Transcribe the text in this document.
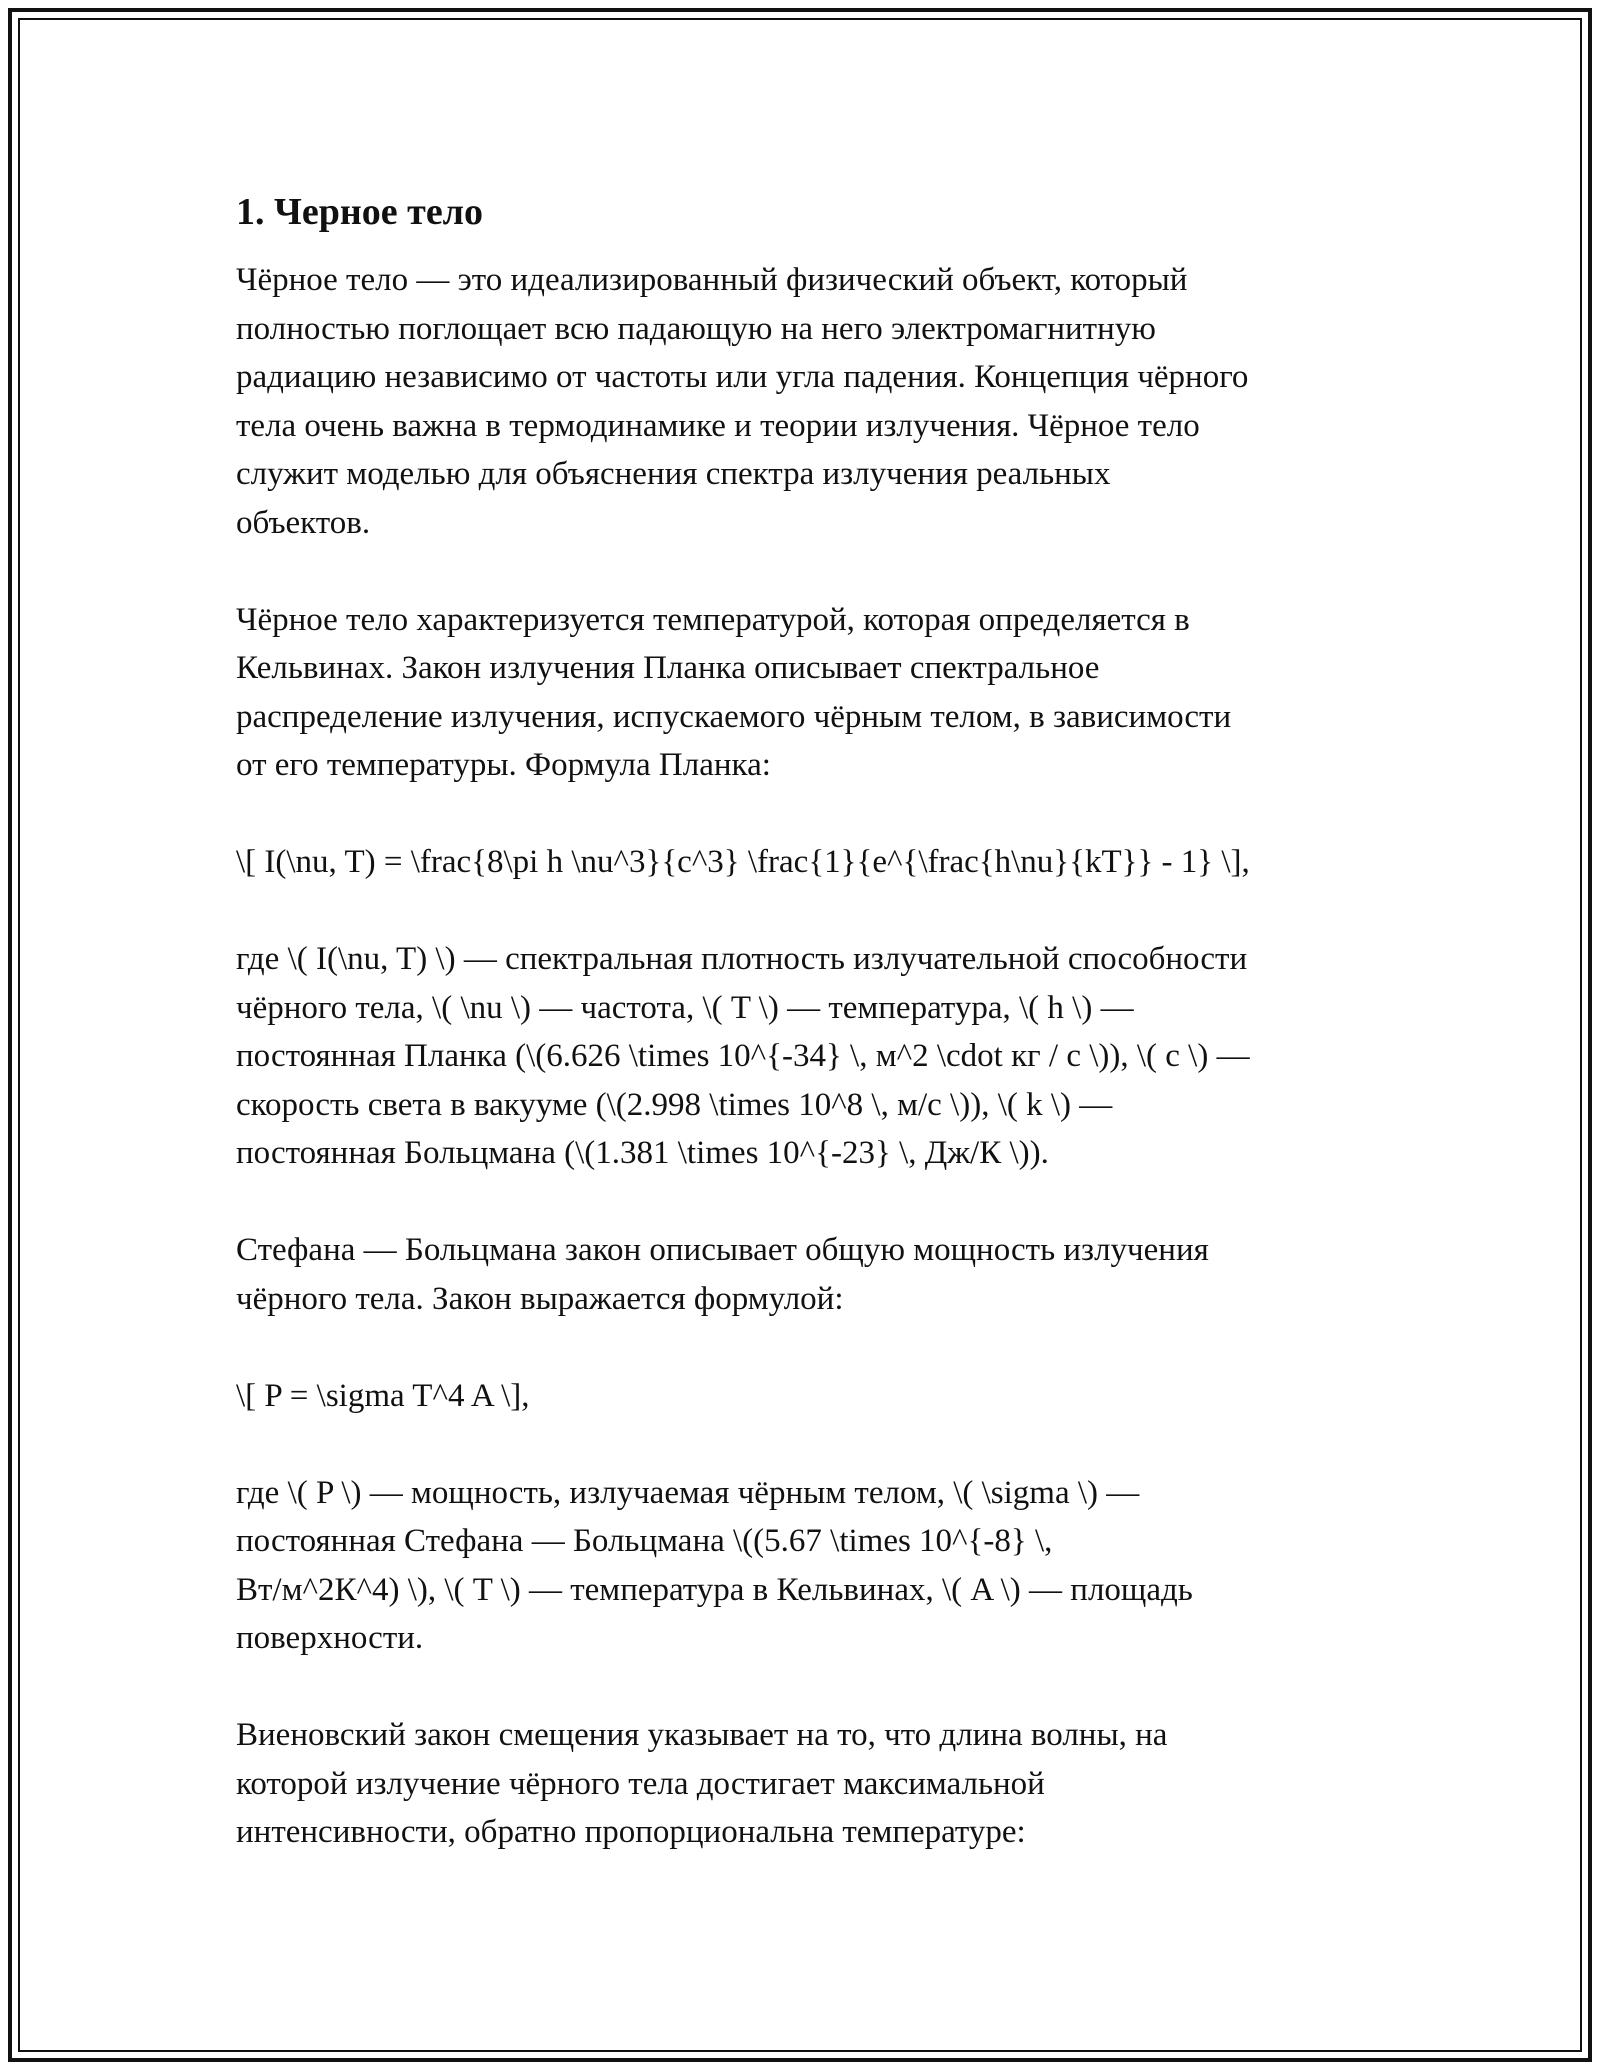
1. Черное тело
Чёрное тело — это идеализированный физический объект, который
полностью поглощает всю падающую на него электромагнитную
радиацию независимо от частоты или угла падения. Концепция чёрного
тела очень важна в термодинамике и теории излучения. Чёрное тело
служит моделью для объяснения спектра излучения реальных
объектов.
Чёрное тело характеризуется температурой, которая определяется в
Кельвинах. Закон излучения Планка описывает спектральное
распределение излучения, испускаемого чёрным телом, в зависимости
от его температуры. Формула Планка:
\[ I(\nu, T) = \frac{8\pi h \nu^3}{c^3} \frac{1}{e^{\frac{h\nu}{kT}} - 1} \],
где \( I(\nu, T) \) — спектральная плотность излучательной способности
чёрного тела, \( \nu \) — частота, \( T \) — температура, \( h \) —
постоянная Планка (\(6.626 \times 10^{-34} \, м^2 \cdot кг / с \)), \( c \) —
скорость света в вакууме (\(2.998 \times 10^8 \, м/с \)), \( k \) —
постоянная Больцмана (\(1.381 \times 10^{-23} \, Дж/К \)).
Стефана — Больцмана закон описывает общую мощность излучения
чёрного тела. Закон выражается формулой:
\[ P = \sigma T^4 A \],
где \( P \) — мощность, излучаемая чёрным телом, \( \sigma \) —
постоянная Стефана — Больцмана \((5.67 \times 10^{-8} \,
Вт/м^2К^4) \), \( T \) — температура в Кельвинах, \( A \) — площадь
поверхности.
Виеновский закон смещения указывает на то, что длина волны, на
которой излучение чёрного тела достигает максимальной
интенсивности, обратно пропорциональна температуре:
